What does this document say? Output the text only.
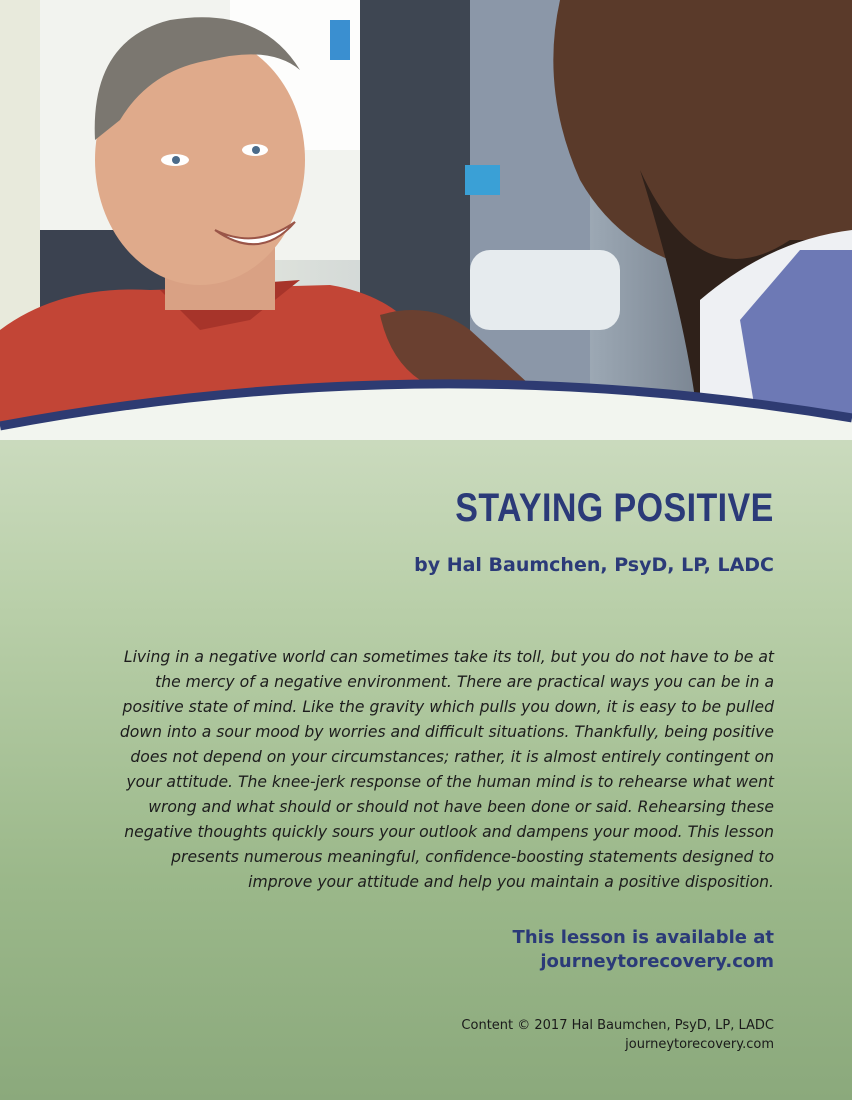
STAYING POSITIVE

by Hal Baumchen, PsyD, LP, LADC

Living in a negative world can sometimes take its toll, but you do not have to be at the mercy of a negative environment. There are practical ways you can be in a positive state of mind. Like the gravity which pulls you down, it is easy to be pulled down into a sour mood by worries and difficult situations. Thankfully, being positive does not depend on your circumstances; rather, it is almost entirely contingent on your attitude. The knee-jerk response of the human mind is to rehearse what went wrong and what should or should not have been done or said. Rehearsing these negative thoughts quickly sours your outlook and dampens your mood. This lesson presents numerous meaningful, confidence-boosting statements designed to improve your attitude and help you maintain a positive disposition.

This lesson is available at
journeytorecovery.com
Content © 2017 Hal Baumchen, PsyD, LP, LADC
journeytorecovery.com
